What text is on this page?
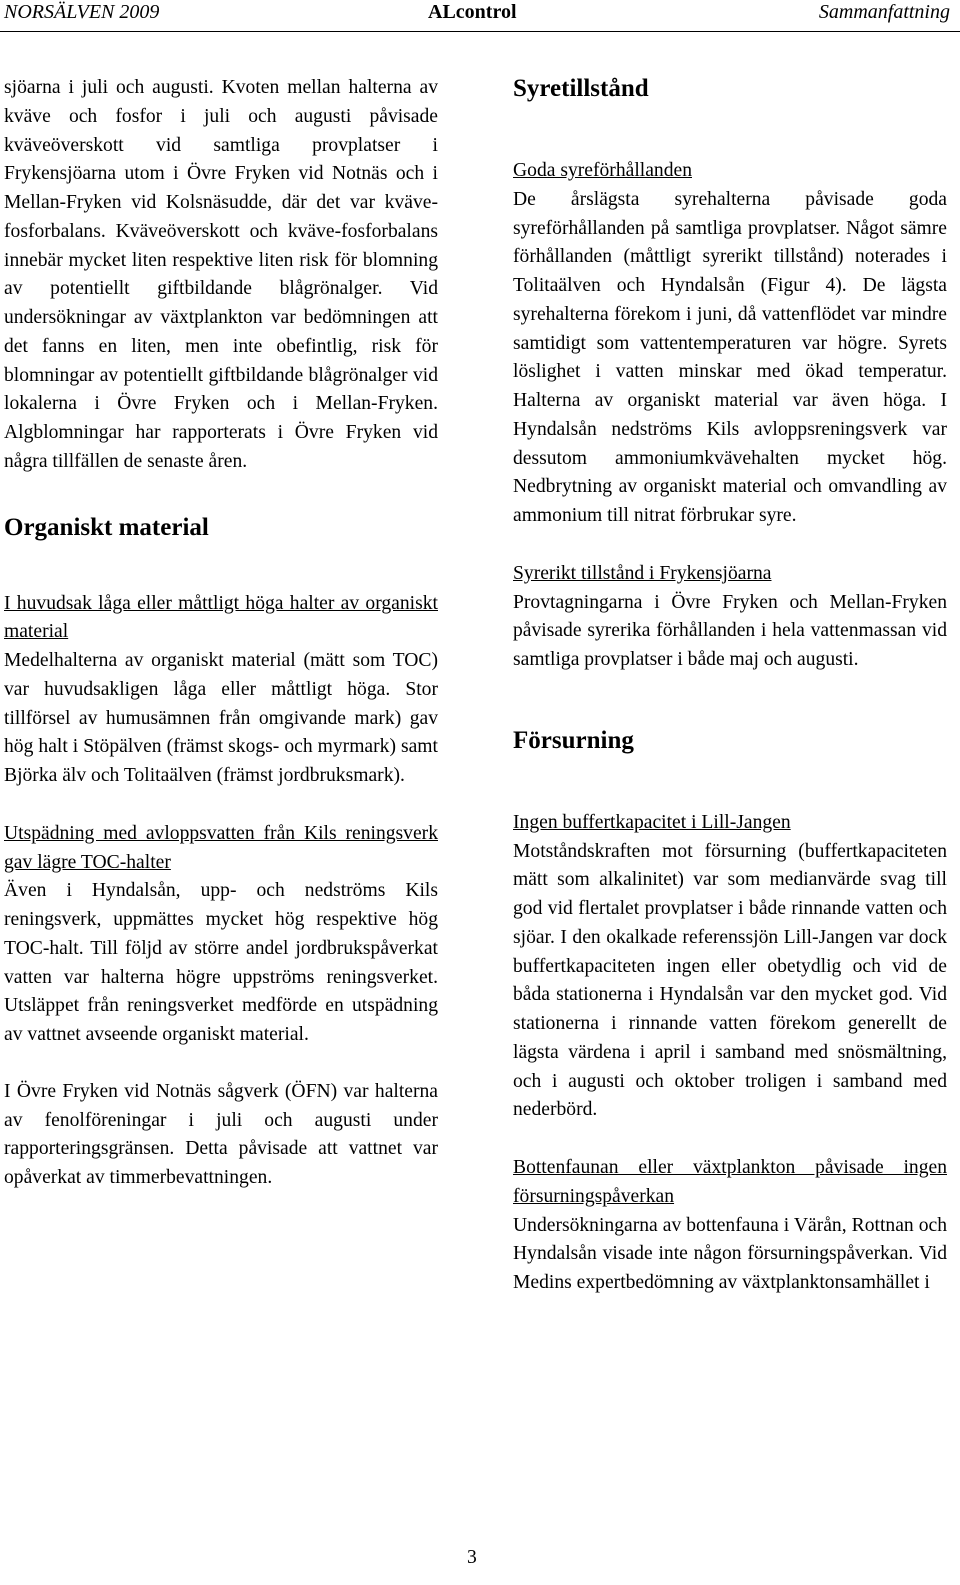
NORSÄLVEN 2009	ALcontrol	Sammanfattning

sjöarna i juli och augusti. Kvoten mellan halterna av kväve och fosfor i juli och augusti påvisade kväveöverskott vid samtliga provplatser i Frykensjöarna utom i Övre Fryken vid Notnäs och i Mellan-Fryken vid Kolsnäsudde, där det var kväve-fosforbalans. Kväveöverskott och kväve-fosforbalans innebär mycket liten respektive liten risk för blomning av potentiellt giftbildande blågrönalger. Vid undersökningar av växtplankton var bedömningen att det fanns en liten, men inte obefintlig, risk för blomningar av potentiellt giftbildande blågrönalger vid lokalerna i Övre Fryken och i Mellan-Fryken. Algblomningar har rapporterats i Övre Fryken vid några tillfällen de senaste åren.

Organiskt material

I huvudsak låga eller måttligt höga halter av organiskt material

Medelhalterna av organiskt material (mätt som TOC) var huvudsakligen låga eller måttligt höga. Stor tillförsel av humusämnen från omgivande mark) gav hög halt i Stöpälven (främst skogs- och myrmark) samt Björka älv och Tolitaälven (främst jordbruksmark).

Utspädning med avloppsvatten från Kils reningsverk gav lägre TOC-halter

Även i Hyndalsån, upp- och nedströms Kils reningsverk, uppmättes mycket hög respektive hög TOC-halt. Till följd av större andel jordbrukspåverkat vatten var halterna högre uppströms reningsverket. Utsläppet från reningsverket medförde en utspädning av vattnet avseende organiskt material.

I Övre Fryken vid Notnäs sågverk (ÖFN) var halterna av fenolföreningar i juli och augusti under rapporteringsgränsen. Detta påvisade att vattnet var opåverkat av timmerbevattningen.

Syretillstånd

Goda syreförhållanden

De årslägsta syrehalterna påvisade goda syreförhållanden på samtliga provplatser. Något sämre förhållanden (måttligt syrerikt tillstånd) noterades i Tolitaälven och Hyndalsån (Figur 4). De lägsta syrehalterna förekom i juni, då vattenflödet var mindre samtidigt som vattentemperaturen var högre. Syrets löslighet i vatten minskar med ökad temperatur. Halterna av organiskt material var även höga. I Hyndalsån nedströms Kils avloppsreningsverk var dessutom ammoniumkvävehalten mycket hög. Nedbrytning av organiskt material och omvandling av ammonium till nitrat förbrukar syre.

Syrerikt tillstånd i Frykensjöarna

Provtagningarna i Övre Fryken och Mellan-Fryken påvisade syrerika förhållanden i hela vattenmassan vid samtliga provplatser i både maj och augusti.

Försurning

Ingen buffertkapacitet i Lill-Jangen

Motståndskraften mot försurning (buffertkapaciteten mätt som alkalinitet) var som medianvärde svag till god vid flertalet provplatser i både rinnande vatten och sjöar. I den okalkade referenssjön Lill-Jangen var dock buffertkapaciteten ingen eller obetydlig och vid de båda stationerna i Hyndalsån var den mycket god. Vid stationerna i rinnande vatten förekom generellt de lägsta värdena i april i samband med snösmältning, och i augusti och oktober troligen i samband med nederbörd.

Bottenfaunan eller växtplankton påvisade ingen försurningspåverkan

Undersökningarna av bottenfauna i Värån, Rottnan och Hyndalsån visade inte någon försurningspåverkan. Vid Medins expertbedömning av växtplanktonsamhället i

3
